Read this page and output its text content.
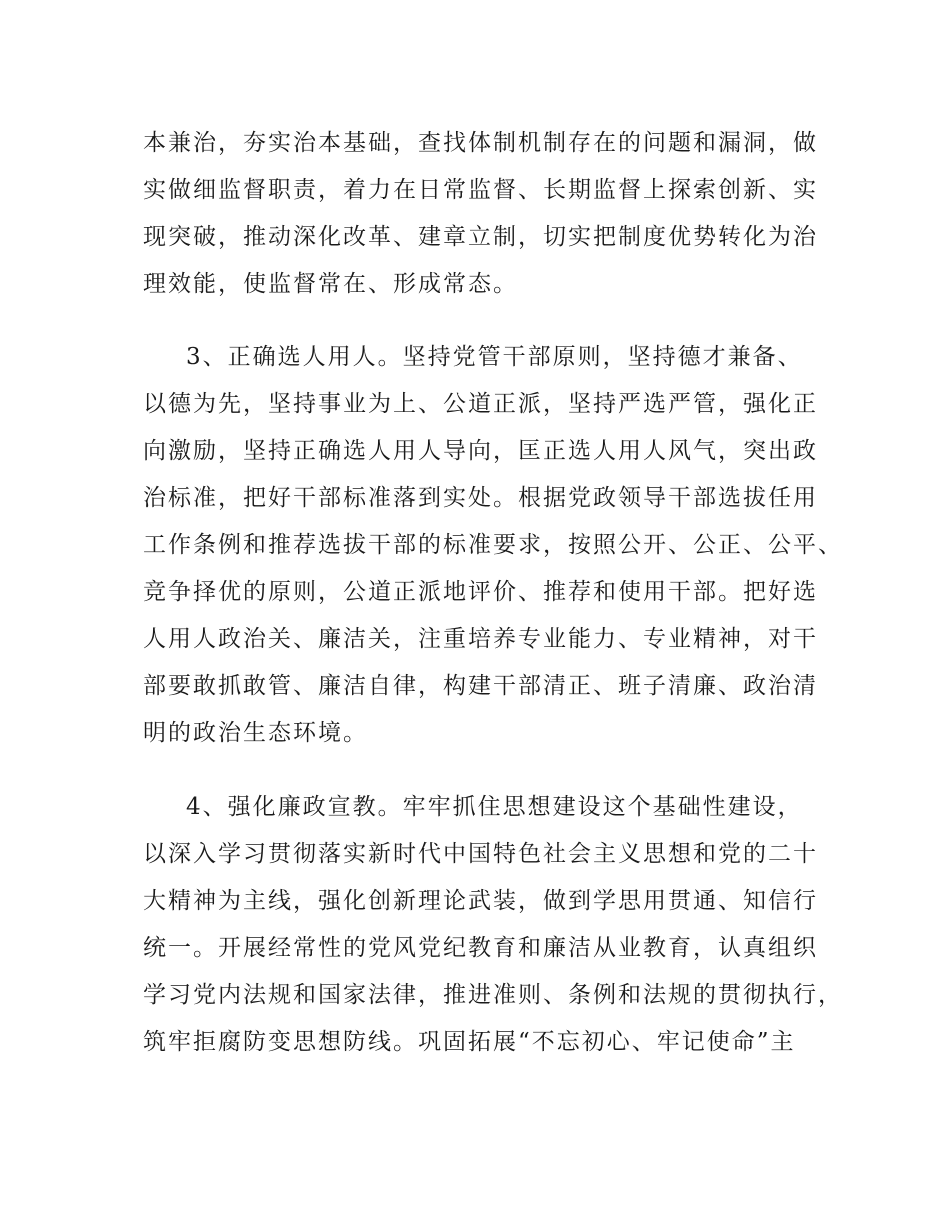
本兼治，夯实治本基础，查找体制机制存在的问题和漏洞，做
实做细监督职责，着力在日常监督、长期监督上探索创新、实
现突破，推动深化改革、建章立制，切实把制度优势转化为治
理效能，使监督常在、形成常态。
3、正确选人用人。坚持党管干部原则，坚持德才兼备、
以德为先，坚持事业为上、公道正派，坚持严选严管，强化正
向激励，坚持正确选人用人导向，匡正选人用人风气，突出政
治标准，把好干部标准落到实处。根据党政领导干部选拔任用
工作条例和推荐选拔干部的标准要求，按照公开、公正、公平、
竞争择优的原则，公道正派地评价、推荐和使用干部。把好选
人用人政治关、廉洁关，注重培养专业能力、专业精神，对干
部要敢抓敢管、廉洁自律，构建干部清正、班子清廉、政治清
明的政治生态环境。
4、强化廉政宣教。牢牢抓住思想建设这个基础性建设，
以深入学习贯彻落实新时代中国特色社会主义思想和党的二十
大精神为主线，强化创新理论武装，做到学思用贯通、知信行
统一。开展经常性的党风党纪教育和廉洁从业教育，认真组织
学习党内法规和国家法律，推进准则、条例和法规的贯彻执行，
筑牢拒腐防变思想防线。巩固拓展“不忘初心、牢记使命”主
